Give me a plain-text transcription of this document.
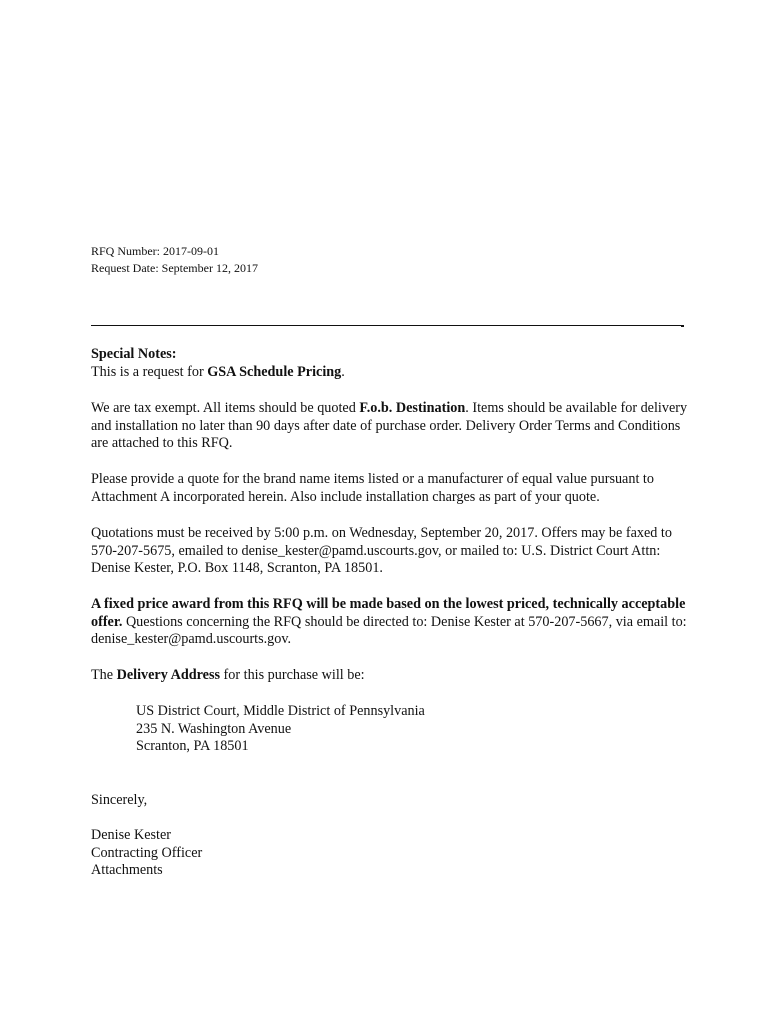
RFQ Number: 2017-09-01
Request Date: September 12, 2017

Special Notes:

This is a request for GSA Schedule Pricing.

We are tax exempt. All items should be quoted F.o.b. Destination. Items should be available for delivery and installation no later than 90 days after date of purchase order. Delivery Order Terms and Conditions are attached to this RFQ.

Please provide a quote for the brand name items listed or a manufacturer of equal value pursuant to Attachment A incorporated herein. Also include installation charges as part of your quote.

Quotations must be received by 5:00 p.m. on Wednesday, September 20, 2017. Offers may be faxed to 570-207-5675, emailed to denise_kester@pamd.uscourts.gov, or mailed to: U.S. District Court Attn: Denise Kester, P.O. Box 1148, Scranton, PA 18501.

A fixed price award from this RFQ will be made based on the lowest priced, technically acceptable offer. Questions concerning the RFQ should be directed to: Denise Kester at 570-207-5667, via email to: denise_kester@pamd.uscourts.gov.

The Delivery Address for this purchase will be:

US District Court, Middle District of Pennsylvania

235 N. Washington Avenue

Scranton, PA 18501

Sincerely,

Denise Kester

Contracting Officer

Attachments
